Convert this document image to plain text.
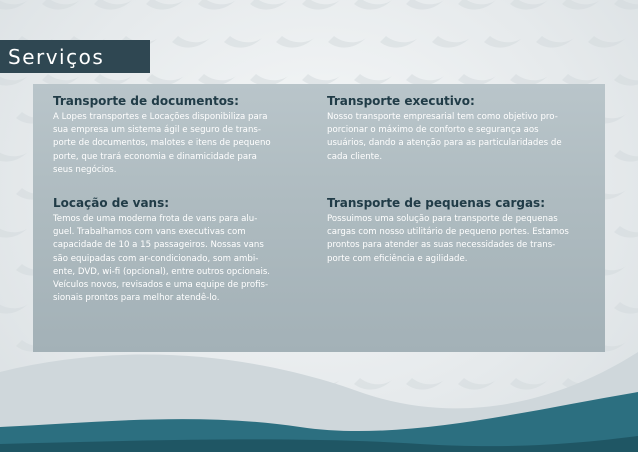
Serviços
Transporte de documentos:
A Lopes transportes e Locações disponibiliza para
sua empresa um sistema ágil e seguro de trans-
porte de documentos, malotes e itens de pequeno
porte, que trará economia e dinamicidade para
seus negócios.
Transporte executivo:
Nosso transporte empresarial tem como objetivo pro-
porcionar o máximo de conforto e segurança aos
usuários, dando a atenção para as particularidades de
cada cliente.
Locação de vans:
Temos de uma moderna frota de vans para alu-
guel. Trabalhamos com vans executivas com
capacidade de 10 a 15 passageiros. Nossas vans
são equipadas com ar-condicionado, som ambi-
ente, DVD, wi-fi (opcional), entre outros opcionais.
Veículos novos, revisados e uma equipe de profis-
sionais prontos para melhor atendê-lo.
Transporte de pequenas cargas:
Possuimos uma solução para transporte de pequenas
cargas com nosso utilitário de pequeno portes. Estamos
prontos para atender as suas necessidades de trans-
porte com eficiência e agilidade.
